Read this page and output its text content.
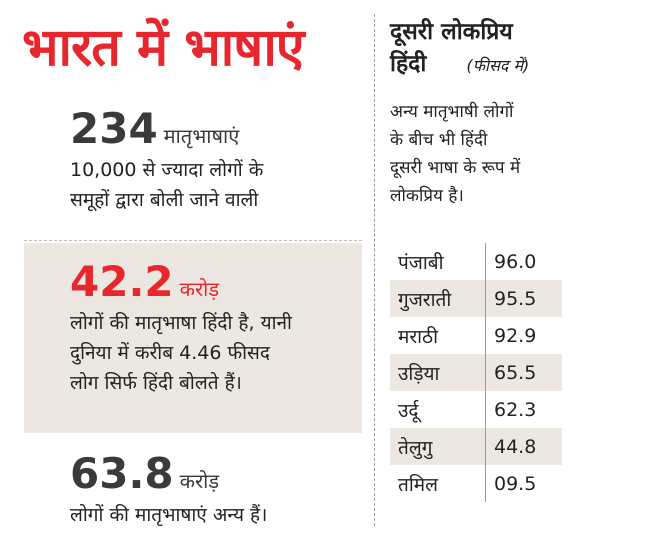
भारत में भाषाएं
234 मातृभाषाएं
10,000 से ज्यादा लोगों के
समूहों द्वारा बोली जाने वाली
42.2 करोड़
लोगों की मातृभाषा हिंदी है, यानी
दुनिया में करीब 4.46 फीसद
लोग सिर्फ हिंदी बोलते हैं।
63.8 करोड़
लोगों की मातृभाषाएं अन्य हैं।
दूसरी लोकप्रिय
हिंदी	(फीसद में)
अन्य मातृभाषी लोगों
के बीच भी हिंदी
दूसरी भाषा के रूप में
लोकप्रिय है।
पंजाबी	96.0
गुजराती	95.5
मराठी	92.9
उड़िया	65.5
उर्दू	62.3
तेलुगु	44.8
तमिल	09.5
